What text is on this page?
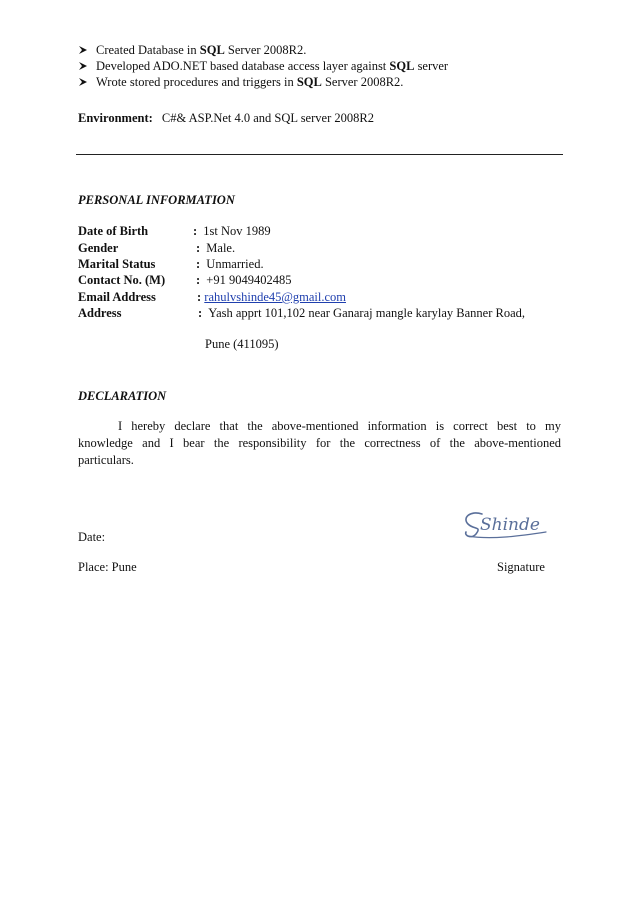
Created Database in SQL Server 2008R2.
Developed ADO.NET based database access layer against SQL server
Wrote stored procedures and triggers in SQL Server 2008R2.
Environment: C#& ASP.Net 4.0 and SQL server 2008R2
PERSONAL INFORMATION
Date of Birth	: 1st Nov 1989
Gender	: Male.
Marital Status	: Unmarried.
Contact No. (M) : +91 9049402485
Email Address	: rahulvshinde45@gmail.com
Address	: Yash apprt 101,102 near Ganaraj mangle karylay Banner Road,
Pune (411095)
DECLARATION
I hereby declare that the above-mentioned information is correct best to my
knowledge and I bear the responsibility for the correctness of the above-mentioned
particulars.
Shinde
Date:
Place: Pune	Signature
